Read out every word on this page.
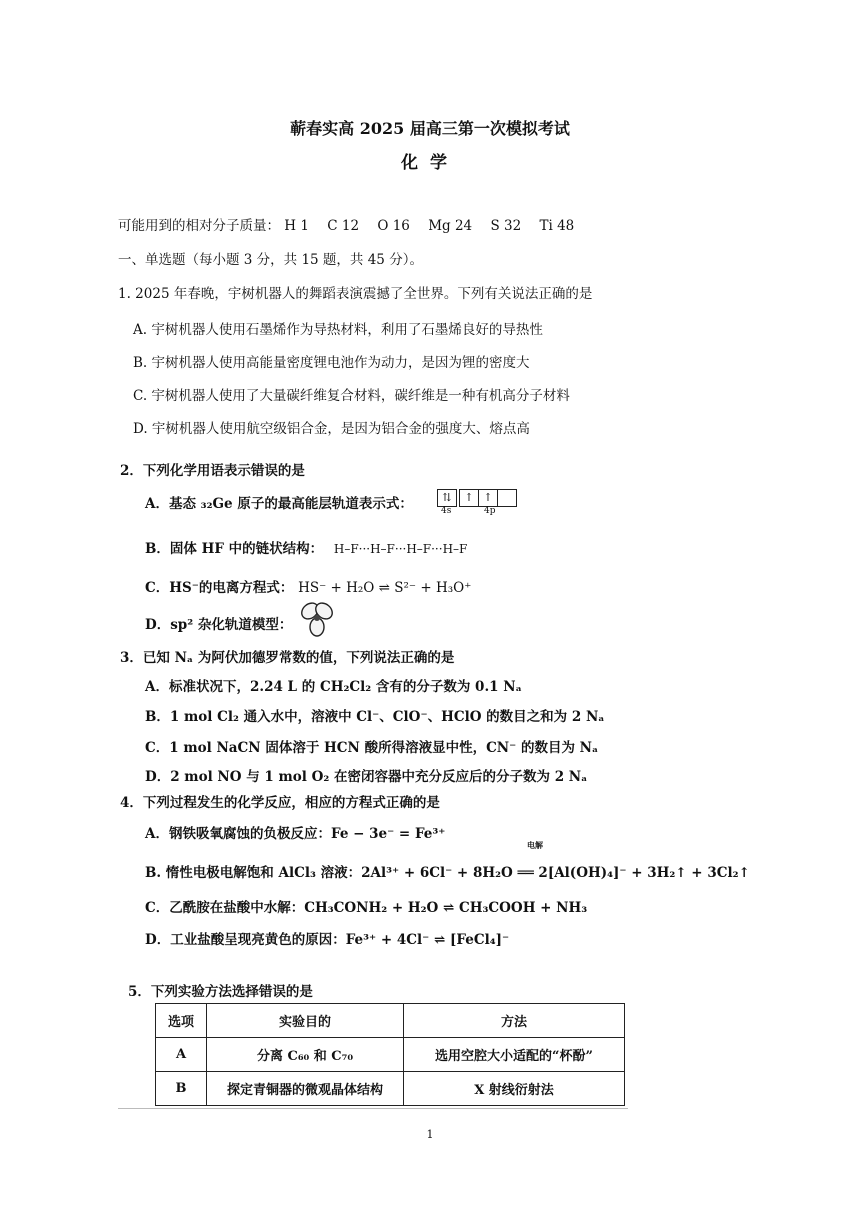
蕲春实高 2025 届高三第一次模拟考试
化学
可能用到的相对分子质量： H 1 C 12 O 16 Mg 24 S 32 Ti 48
一、单选题（每小题 3 分，共 15 题，共 45 分）。
1. 2025 年春晚，宇树机器人的舞蹈表演震撼了全世界。下列有关说法正确的是
A. 宇树机器人使用石墨烯作为导热材料，利用了石墨烯良好的导热性
B. 宇树机器人使用高能量密度锂电池作为动力，是因为锂的密度大
C. 宇树机器人使用了大量碳纤维复合材料，碳纤维是一种有机高分子材料
D. 宇树机器人使用航空级铝合金，是因为铝合金的强度大、熔点高
2．下列化学用语表示错误的是
A．基态 ₃₂Ge 原子的最高能层轨道表示式：	⇅ ↑ ↑
4s	4p
B．固体 HF 中的链状结构： H–F···H–F···H–F···H–F
C．HS⁻的电离方程式： HS⁻ + H₂O ⇌ S²⁻ + H₃O⁺
D．sp² 杂化轨道模型：
3．已知 Nₐ 为阿伏加德罗常数的值，下列说法正确的是
A．标准状况下，2.24 L 的 CH₂Cl₂ 含有的分子数为 0.1 Nₐ
B．1 mol Cl₂ 通入水中，溶液中 Cl⁻、ClO⁻、HClO 的数目之和为 2 Nₐ
C．1 mol NaCN 固体溶于 HCN 酸所得溶液显中性，CN⁻ 的数目为 Nₐ
D．2 mol NO 与 1 mol O₂ 在密闭容器中充分反应后的分子数为 2 Nₐ
4．下列过程发生的化学反应，相应的方程式正确的是
A．钢铁吸氧腐蚀的负极反应：Fe − 3e⁻ = Fe³⁺
电解
B. 惰性电极电解饱和 AlCl₃ 溶液：2Al³⁺ + 6Cl⁻ + 8H₂O ══ 2[Al(OH)₄]⁻ + 3H₂↑ + 3Cl₂↑
C．乙酰胺在盐酸中水解：CH₃CONH₂ + H₂O ⇌ CH₃COOH + NH₃
D．工业盐酸呈现亮黄色的原因：Fe³⁺ + 4Cl⁻ ⇌ [FeCl₄]⁻
5．下列实验方法选择错误的是
选项	实验目的	方法
A	分离 C₆₀ 和 C₇₀	选用空腔大小适配的“杯酚”
B	探定青铜器的微观晶体结构	X 射线衍射法
1
